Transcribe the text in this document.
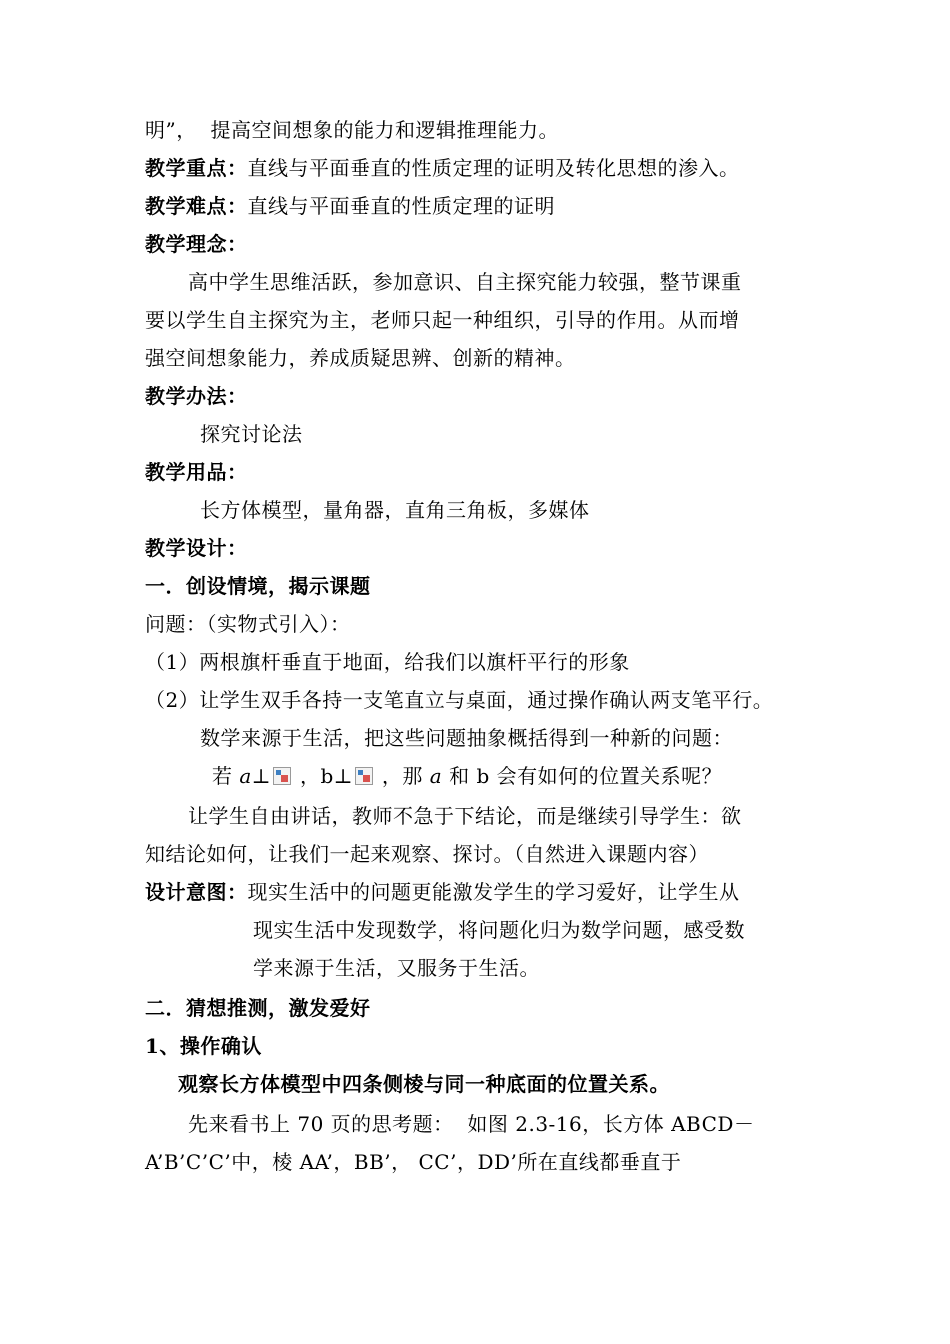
明”，  提高空间想象的能力和逻辑推理能力。
教学重点：直线与平面垂直的性质定理的证明及转化思想的渗入。
教学难点：直线与平面垂直的性质定理的证明
教学理念：
高中学生思维活跃，参加意识、自主探究能力较强，整节课重
要以学生自主探究为主，老师只起一种组织，引导的作用。从而增
强空间想象能力，养成质疑思辨、创新的精神。
教学办法：
探究讨论法
教学用品：
长方体模型，量角器，直角三角板，多媒体
教学设计：
一．创设情境，揭示课题
问题：（实物式引入）：
（1）两根旗杆垂直于地面，给我们以旗杆平行的形象
（2）让学生双手各持一支笔直立与桌面，通过操作确认两支笔平行。
数学来源于生活，把这些问题抽象概括得到一种新的问题：
若 a⊥ ，b⊥ ，那 a 和 b 会有如何的位置关系呢？
让学生自由讲话，教师不急于下结论，而是继续引导学生：欲
知结论如何，让我们一起来观察、探讨。（自然进入课题内容）
设计意图：现实生活中的问题更能激发学生的学习爱好，让学生从
现实生活中发现数学，将问题化归为数学问题，感受数
学来源于生活，又服务于生活。
二．猜想推测，激发爱好
1、操作确认
观察长方体模型中四条侧棱与同一种底面的位置关系。
先来看书上 70 页的思考题：  如图 2.3-16，长方体 ABCD－
A’B’C’C’中，棱 AA’，BB’， CC’，DD’所在直线都垂直于
